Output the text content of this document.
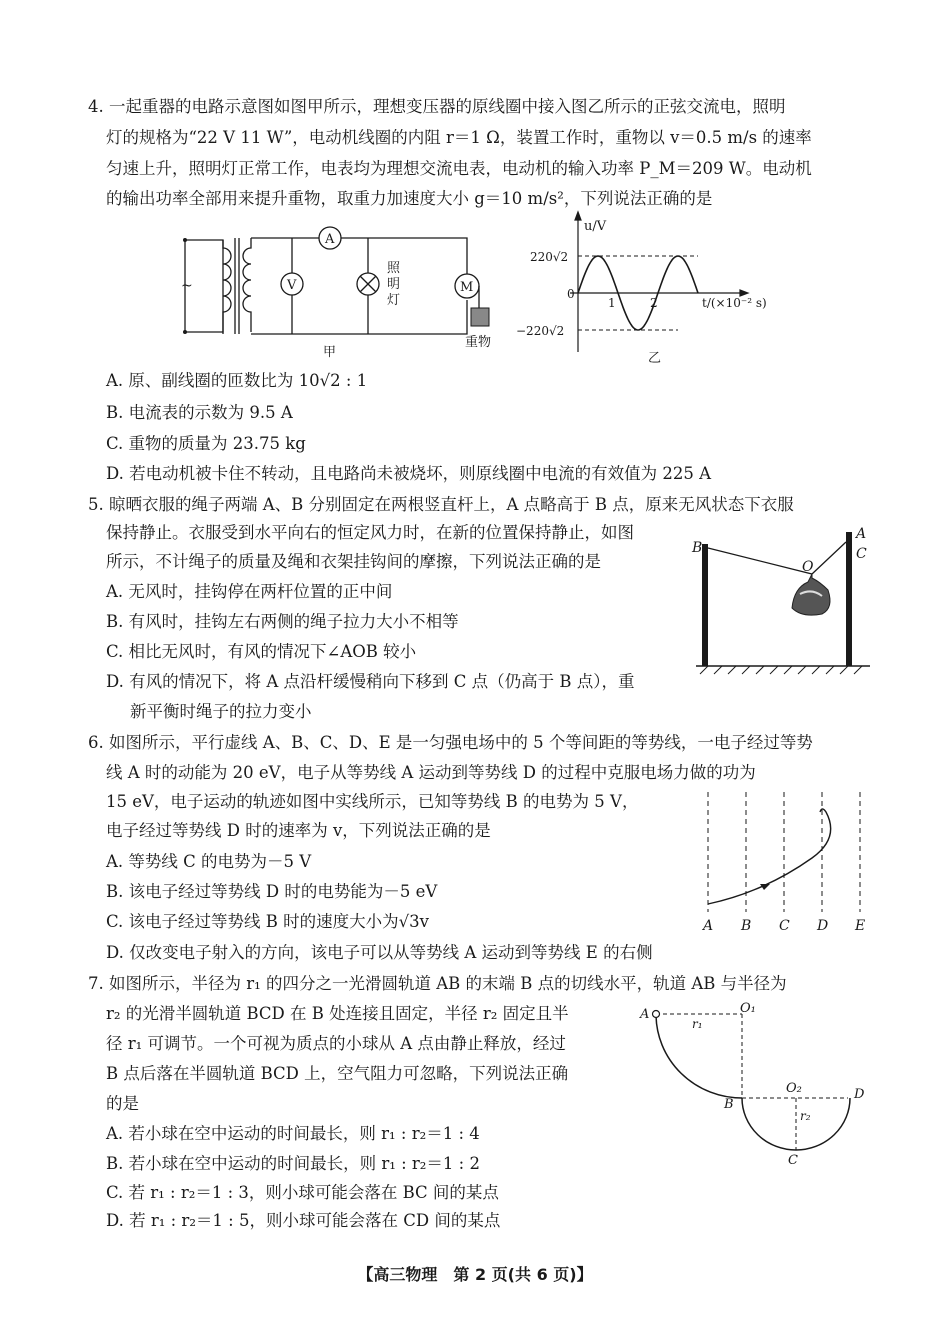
4. 一起重器的电路示意图如图甲所示，理想变压器的原线圈中接入图乙所示的正弦交流电，照明
灯的规格为“22 V 11 W”，电动机线圈的内阻 r＝1 Ω，装置工作时，重物以 v＝0.5 m/s 的速率
匀速上升，照明灯正常工作，电表均为理想交流电表，电动机的输入功率 P_M＝209 W。电动机
的输出功率全部用来提升重物，取重力加速度大小 g＝10 m/s²，下列说法正确的是
~
A
V	M
照
明
灯
重物
甲
u/V
220√2
0
−220√2
1	2	t/(×10⁻² s)
乙
A. 原、副线圈的匝数比为 10√2 : 1
B. 电流表的示数为 9.5 A
C. 重物的质量为 23.75 kg
D. 若电动机被卡住不转动，且电路尚未被烧坏，则原线圈中电流的有效值为 225 A
5. 晾晒衣服的绳子两端 A、B 分别固定在两根竖直杆上，A 点略高于 B 点，原来无风状态下衣服
保持静止。衣服受到水平向右的恒定风力时，在新的位置保持静止，如图
所示，不计绳子的质量及绳和衣架挂钩间的摩擦，下列说法正确的是
A. 无风时，挂钩停在两杆位置的正中间
B. 有风时，挂钩左右两侧的绳子拉力大小不相等
C. 相比无风时，有风的情况下∠AOB 较小
D. 有风的情况下，将 A 点沿杆缓慢稍向下移到 C 点（仍高于 B 点），重
新平衡时绳子的拉力变小
B
A
C
O
6. 如图所示，平行虚线 A、B、C、D、E 是一匀强电场中的 5 个等间距的等势线，一电子经过等势
线 A 时的动能为 20 eV，电子从等势线 A 运动到等势线 D 的过程中克服电场力做的功为
15 eV，电子运动的轨迹如图中实线所示，已知等势线 B 的电势为 5 V，
电子经过等势线 D 时的速率为 v，下列说法正确的是
A. 等势线 C 的电势为－5 V
B. 该电子经过等势线 D 时的电势能为－5 eV
C. 该电子经过等势线 B 时的速度大小为√3v
D. 仅改变电子射入的方向，该电子可以从等势线 A 运动到等势线 E 的右侧
A B C D E
7. 如图所示，半径为 r₁ 的四分之一光滑圆轨道 AB 的末端 B 点的切线水平，轨道 AB 与半径为
r₂ 的光滑半圆轨道 BCD 在 B 处连接且固定，半径 r₂ 固定且半
径 r₁ 可调节。一个可视为质点的小球从 A 点由静止释放，经过
B 点后落在半圆轨道 BCD 上，空气阻力可忽略，下列说法正确
的是
A. 若小球在空中运动的时间最长，则 r₁ : r₂＝1 : 4
B. 若小球在空中运动的时间最长，则 r₁ : r₂＝1 : 2
C. 若 r₁ : r₂＝1 : 3，则小球可能会落在 BC 间的某点
D. 若 r₁ : r₂＝1 : 5，则小球可能会落在 CD 间的某点
A	O₁
r₁
B
O₂	D
r₂
C
【高三物理　第 2 页(共 6 页)】
